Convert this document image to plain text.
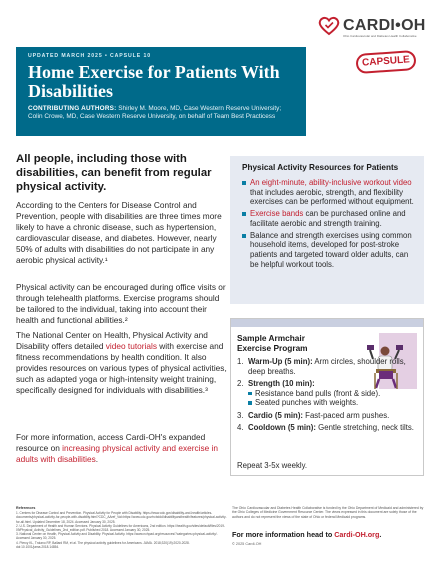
CARDI•OH
Ohio Cardiovascular and Diabetes Health Collaborative
CAPSULE
UPDATED MARCH 2025 • CAPSULE 10
Home Exercise for Patients With Disabilities
CONTRIBUTING AUTHORS: Shirley M. Moore, MD, Case Western Reserve University; Colin Crowe, MD, Case Western Reserve University, on behalf of Team Best Practicess
All people, including those with disabilities, can benefit from regular physical activity.

According to the Centers for Disease Control and Prevention, people with disabilities are three times more likely to have a chronic disease, such as hypertension, cardiovascular disease, and diabetes. However, nearly 50% of adults with disabilities do not participate in any aerobic physical activity.¹

Physical activity can be encouraged during office visits or through telehealth platforms. Exercise programs should be tailored to the individual, taking into account their health and functional abilities.²

The National Center on Health, Physical Activity and Disability offers detailed video tutorials with exercise and fitness recommendations by health condition. It also provides resources on various types of physical activities, such as adapted yoga or high-intensity weight training, specifically designed for individuals with disabilities.³

For more information, access Cardi-OH's expanded resource on increasing physical activity and exercise in adults with disabilities.

Physical Activity Resources for Patients
An eight-minute, ability-inclusive workout video that includes aerobic, strength, and flexibility exercises can be performed without equipment.
Exercise bands can be purchased online and facilitate aerobic and strength training.
Balance and strength exercises using common household items, developed for post-stroke patients and targeted toward older adults, can be helpful workout tools.
Sample Armchair Exercise Program
1. Warm-Up (5 min): Arm circles, shoulder rolls, deep breaths.
2. Strength (10 min):
Resistance band pulls (front & side).
Seated punches with weights.
3. Cardio (5 min): Fast-paced arm pushes.
4. Cooldown (5 min): Gentle stretching, neck tilts.
Repeat 3-5x weekly.
References
1. Centers for Disease Control and Prevention. Physical Activity for People with Disability. https://www.cdc.gov/disability-and-health/articles-documents/physical-activity-for-people-with-disability.html?CDC_AAref_Val=https://www.cdc.gov/ncbddd/disabilityandhealth/features/physical-activity-for-all.html. Updated December 18, 2024. Accessed January 30, 2025.
2. U.S. Department of Health and Human Services. Physical Activity Guidelines for Americans, 2nd edition. https://health.gov/sites/default/files/2019-09/Physical_Activity_Guidelines_2nd_edition.pdf. Published 2018. Accessed January 30, 2025.
3. National Center on Health, Physical Activity and Disability. Physical Activity. https://www.nchpad.org/resources/?categories=physical-activity/. Accessed January 30, 2025.
4. Piercy KL, Troiano RP, Ballard RM, et al. The physical activity guidelines for Americans. JAMA. 2018;320(19):2020-2028. doi:10.1001/jama.2018.14854.
The Ohio Cardiovascular and Diabetes Health Collaborative is funded by the Ohio Department of Medicaid and administered by the Ohio Colleges of Medicine Government Resource Center. The views expressed in this document are solely those of the authors and do not represent the views of the state of Ohio or federal Medicaid programs.
For more information head to Cardi-OH.org.
© 2025 Cardi-OH
